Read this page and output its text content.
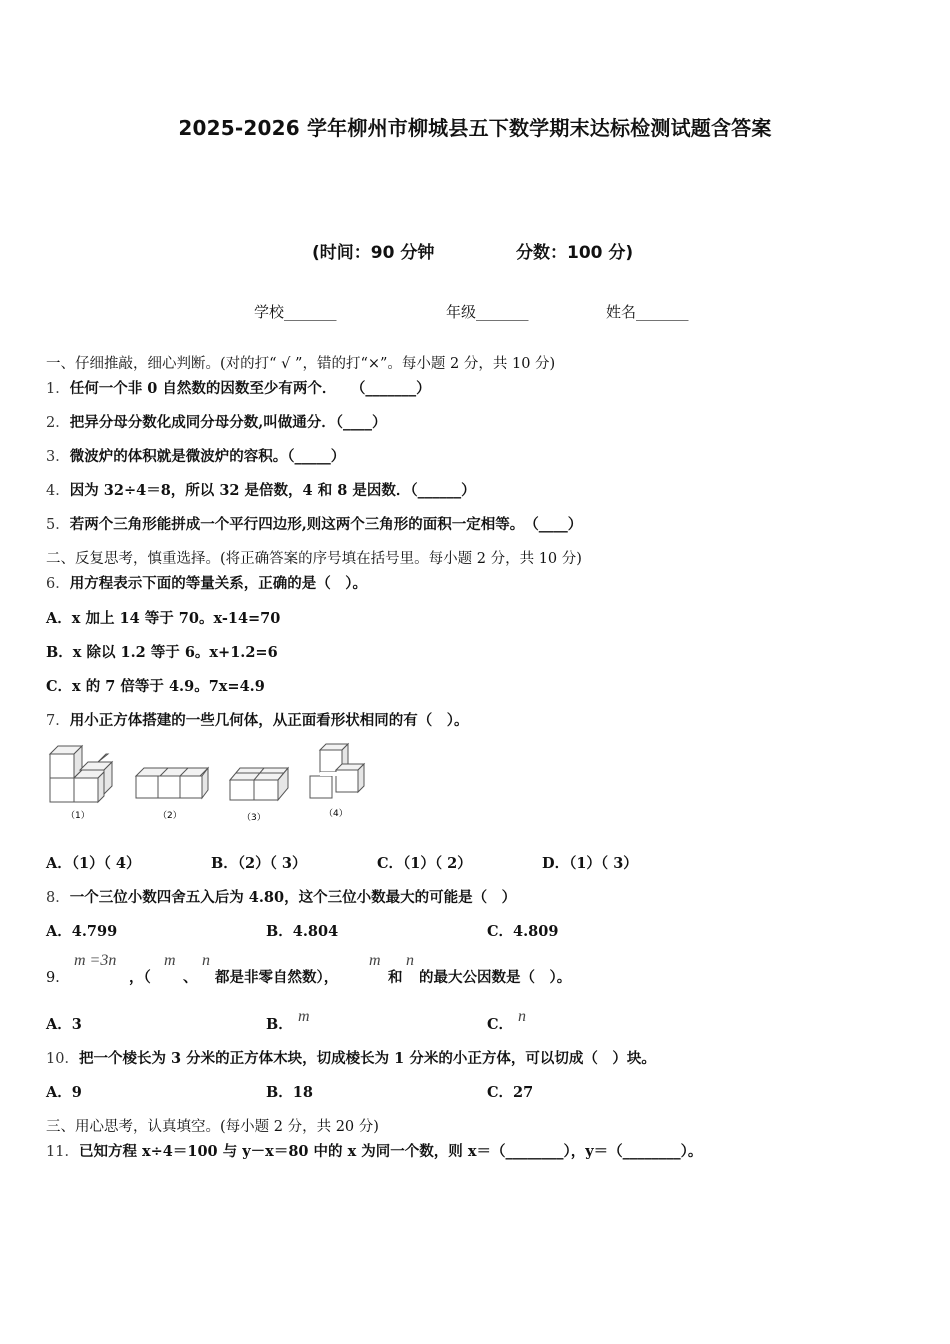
2025-2026 学年柳州市柳城县五下数学期末达标检测试题含答案
(时间：90 分钟	分数：100 分)
学校_______	年级_______	姓名_______
一、仔细推敲，细心判断。(对的打“ √ ”，错的打“×”。每小题 2 分，共 10 分)
1．任何一个非 0 自然数的因数至少有两个．　　（_______）
2．把异分母分数化成同分母分数,叫做通分．（____）
3．微波炉的体积就是微波炉的容积。（_____）
4．因为 32÷4＝8，所以 32 是倍数，4 和 8 是因数．（______）
5．若两个三角形能拼成一个平行四边形,则这两个三角形的面积一定相等。　（____）
二、反复思考，慎重选择。(将正确答案的序号填在括号里。每小题 2 分，共 10 分)
6．用方程表示下面的等量关系，正确的是（　）。
A．x 加上 14 等于 70。x-14=70
B．x 除以 1.2 等于 6。x+1.2=6
C．x 的 7 倍等于 4.9。7x=4.9
7．用小正方体搭建的一些几何体，从正面看形状相同的有（　）。
（1）	（2）	（3）	（4）
A．（1）（ 4）	B．（2）（ 3）	C．（1）（ 2）	D．（1）（ 3）
8．一个三位小数四舍五入后为 4.80，这个三位小数最大的可能是（　）
A．4.799	B．4.804	C．4.809
9．
m =3n
，（
m
、
n
都是非零自然数），
m
和
n
的最大公因数是（　）。
A．3	B． m	C． n
10．把一个棱长为 3 分米的正方体木块，切成棱长为 1 分米的小正方体，可以切成（　）块。
A．9	B．18	C．27
三、用心思考，认真填空。(每小题 2 分，共 20 分)
11．已知方程 x÷4＝100 与 y－x＝80 中的 x 为同一个数，则 x＝（________），y＝（________）。
